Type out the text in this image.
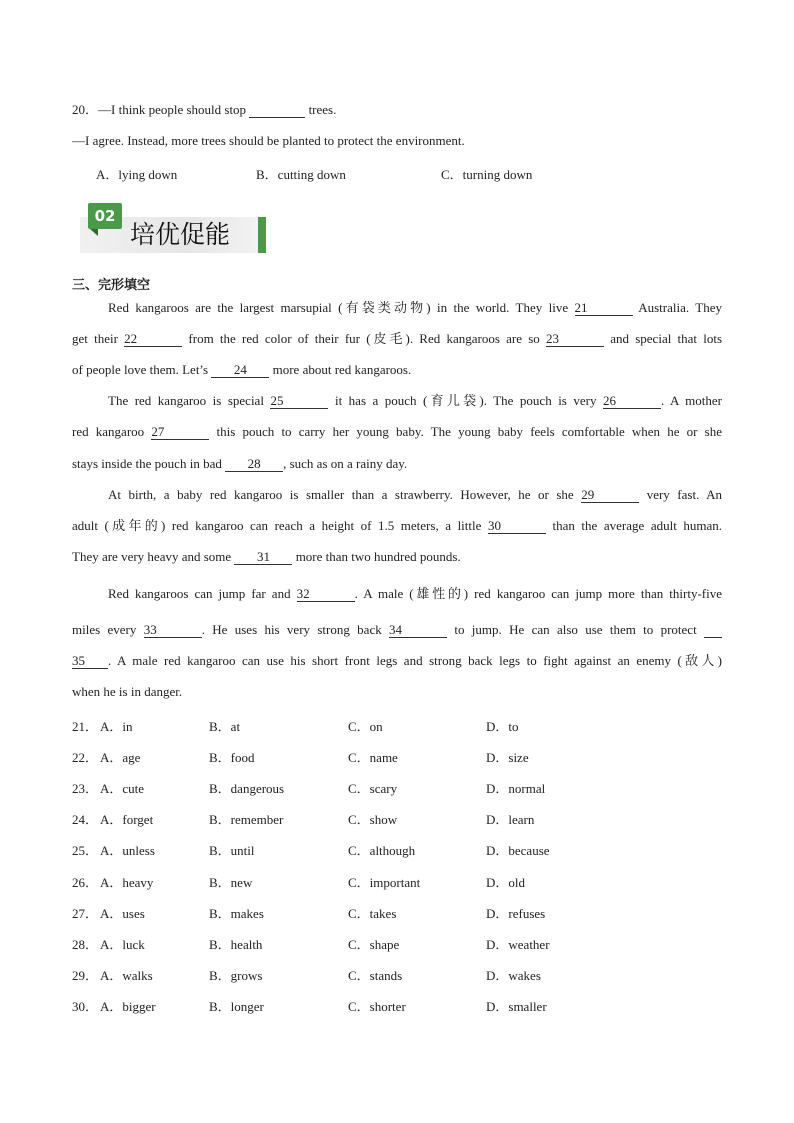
20．—I think people should stop	trees.
—I agree. Instead, more trees should be planted to protect the environment.
A．lying down	B．cutting down	C．turning down
02
培优促能
三、完形填空
Red kangaroos are the largest marsupial (有袋类动物) in the world. They live 21	Australia. They
get their 22	from the red color of their fur (皮毛). Red kangaroos are so 23	and special that lots
of people love them. Let’s 24 more about red kangaroos.
The red kangaroo is special 25	it has a pouch (育儿袋). The pouch is very 26	. A mother
red kangaroo 27	this pouch to carry her young baby. The young baby feels comfortable when he or she
stays inside the pouch in bad 28 , such as on a rainy day.
At birth, a baby red kangaroo is smaller than a strawberry. However, he or she 29	very fast. An
adult (成年的) red kangaroo can reach a height of 1.5 meters, a little 30	than the average adult human.
They are very heavy and some 31 more than two hundred pounds.
Red kangaroos can jump far and 32	. A male (雄性的) red kangaroo can jump more than thirty-five
miles every 33	. He uses his very strong back 34	to jump. He can also use them to protect
35 . A male red kangaroo can use his short front legs and strong back legs to fight against an enemy (敌人)
when he is in danger.
21． A．in	B．at	C．on	D．to
22． A．age	B．food	C．name	D．size
23． A．cute	B．dangerous	C．scary	D．normal
24． A．forget	B．remember	C．show	D．learn
25． A．unless	B．until	C．although	D．because
26． A．heavy	B．new	C．important	D．old
27． A．uses	B．makes	C．takes	D．refuses
28． A．luck	B．health	C．shape	D．weather
29． A．walks	B．grows	C．stands	D．wakes
30． A．bigger	B．longer	C．shorter	D．smaller
